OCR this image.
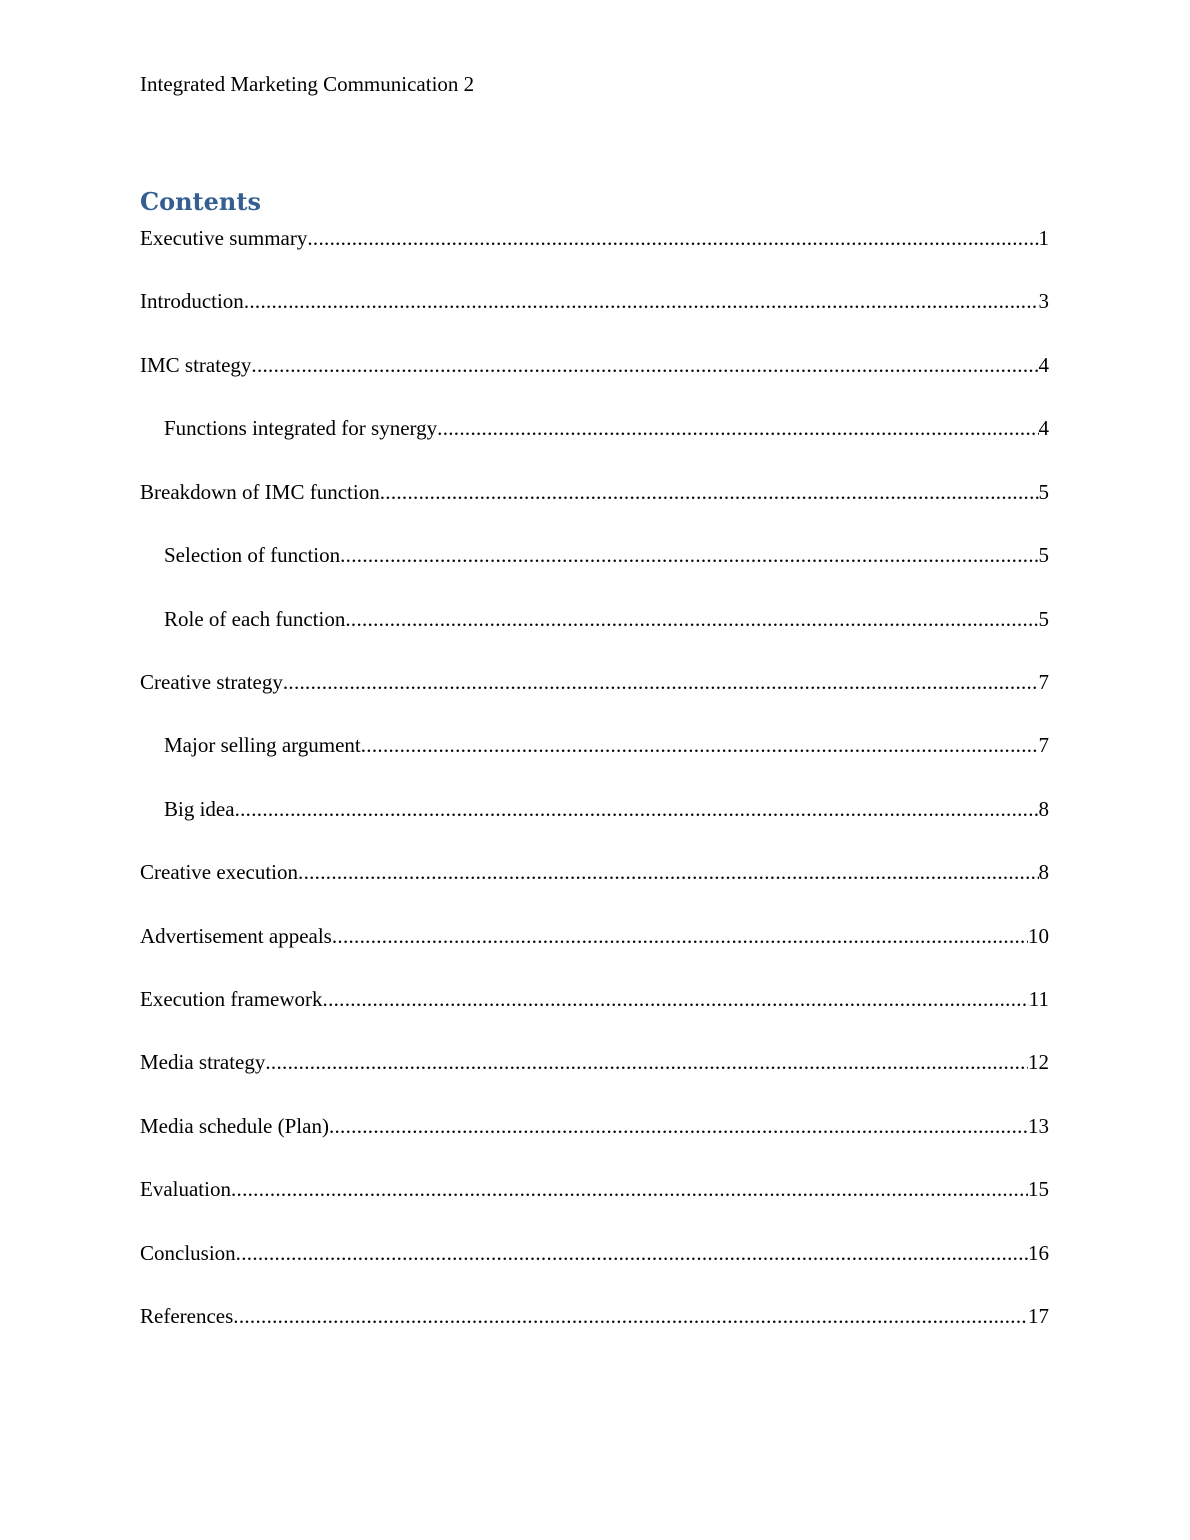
Integrated Marketing Communication 2
Contents
Executive summary .....	1
Introduction .....	3
IMC strategy .....	4
Functions integrated for synergy .....	4
Breakdown of IMC function .....	5
Selection of function .....	5
Role of each function .....	5
Creative strategy .....	7
Major selling argument .....	7
Big idea .....	8
Creative execution .....	8
Advertisement appeals .....	10
Execution framework .....	11
Media strategy .....	12
Media schedule (Plan) .....	13
Evaluation .....	15
Conclusion .....	16
References .....	17
